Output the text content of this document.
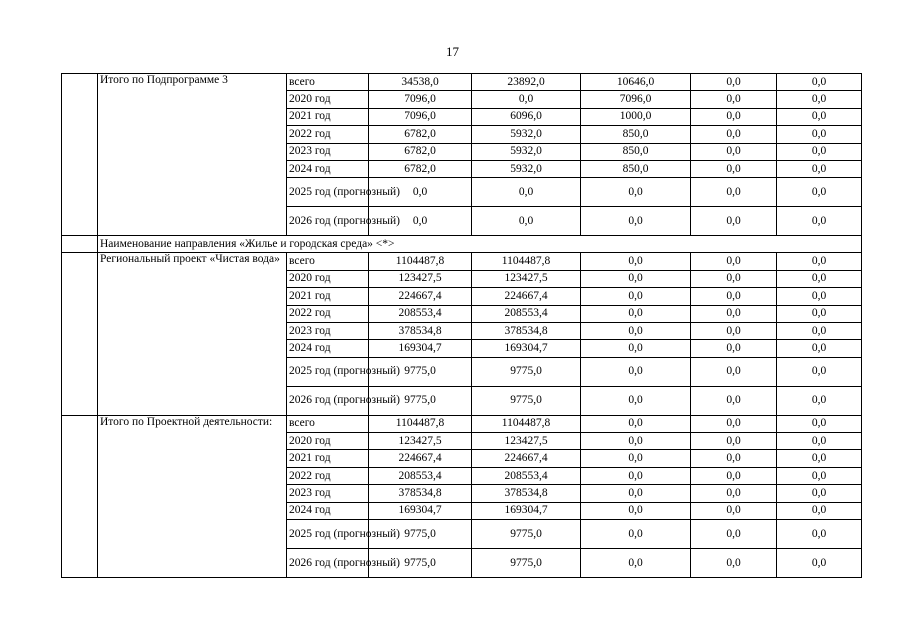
17
	Итого по Подпрограмме 3	всего	34538,0	23892,0	10646,0	0,0	0,0
		2020 год	7096,0	0,0	7096,0	0,0	0,0
		2021 год	7096,0	6096,0	1000,0	0,0	0,0
		2022 год	6782,0	5932,0	850,0	0,0	0,0
		2023 год	6782,0	5932,0	850,0	0,0	0,0
		2024 год	6782,0	5932,0	850,0	0,0	0,0
		2025 год (прогнозный)	0,0	0,0	0,0	0,0	0,0
		2026 год (прогнозный)	0,0	0,0	0,0	0,0	0,0
	Наименование направления «Жилье и городская среда» <*>						
	Региональный проект «Чистая вода»	всего	1104487,8	1104487,8	0,0	0,0	0,0
		2020 год	123427,5	123427,5	0,0	0,0	0,0
		2021 год	224667,4	224667,4	0,0	0,0	0,0
		2022 год	208553,4	208553,4	0,0	0,0	0,0
		2023 год	378534,8	378534,8	0,0	0,0	0,0
		2024 год	169304,7	169304,7	0,0	0,0	0,0
		2025 год (прогнозный)	9775,0	9775,0	0,0	0,0	0,0
		2026 год (прогнозный)	9775,0	9775,0	0,0	0,0	0,0
	Итого по Проектной деятельности:	всего	1104487,8	1104487,8	0,0	0,0	0,0
		2020 год	123427,5	123427,5	0,0	0,0	0,0
		2021 год	224667,4	224667,4	0,0	0,0	0,0
		2022 год	208553,4	208553,4	0,0	0,0	0,0
		2023 год	378534,8	378534,8	0,0	0,0	0,0
		2024 год	169304,7	169304,7	0,0	0,0	0,0
		2025 год (прогнозный)	9775,0	9775,0	0,0	0,0	0,0
		2026 год (прогнозный)	9775,0	9775,0	0,0	0,0	0,0
